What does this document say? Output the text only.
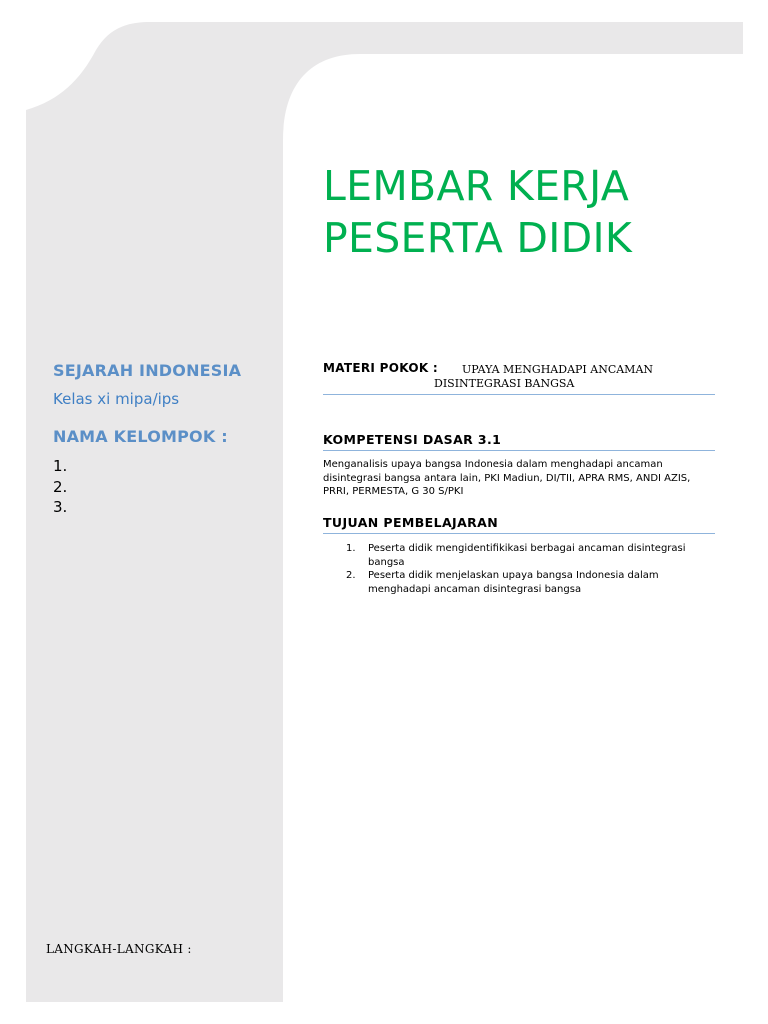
LEMBAR KERJA
PESERTA DIDIK
SEJARAH INDONESIA
Kelas xi mipa/ips
NAMA KELOMPOK :
1.
2.
3.
LANGKAH-LANGKAH :
MATERI POKOK : UPAYA MENGHADAPI ANCAMAN
DISINTEGRASI BANGSA
KOMPETENSI DASAR 3.1
Menganalisis upaya bangsa Indonesia dalam menghadapi ancaman disintegrasi bangsa antara lain, PKI Madiun, DI/TII, APRA RMS, ANDI AZIS, PRRI, PERMESTA, G 30 S/PKI
TUJUAN PEMBELAJARAN
1. Peserta didik mengidentifikikasi berbagai ancaman disintegrasi bangsa
2. Peserta didik menjelaskan upaya bangsa Indonesia dalam menghadapi ancaman disintegrasi bangsa
